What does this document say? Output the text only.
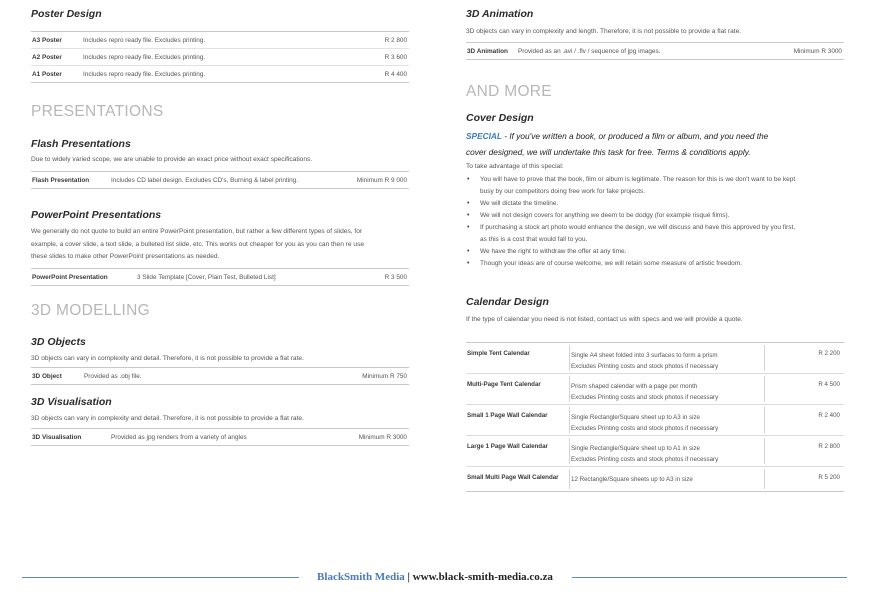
Poster Design
A3 Poster	Includes repro ready file. Excludes printing.	R 2 800
A2 Poster	Includes repro ready file. Excludes printing.	R 3 600
A1 Poster	Includes repro ready file. Excludes printing.	R 4 400
PRESENTATIONS
Flash Presentations
Due to widely varied scope, we are unable to provide an exact price without exact specifications.
Flash Presentation	Includes CD label design. Excludes CD's, Burning & label printing.	Minimum R 9 000
PowerPoint Presentations
We generally do not quote to build an entire PowerPoint presentation, but rather a few different types of slides, for
example, a cover slide, a text slide, a bulleted list slide, etc. This works out cheaper for you as you can then re use
these slides to make other PowerPoint presentations as needed.
PowerPoint Presentation	3 Slide Template [Cover, Plain Test, Bulleted List]	R 3 500
3D MODELLING
3D Objects
3D objects can vary in complexity and detail. Therefore, it is not possible to provide a flat rate.
3D Object	Provided as .obj file.	Minimum R 750
3D Visualisation
3D objects can vary in complexity and detail. Therefore, it is not possible to provide a flat rate.
3D Visualisation	Provided as jpg renders from a variety of angles	Minimum R 3000
3D Animation
3D objects can vary in complexity and length. Therefore, it is not possible to provide a flat rate.
3D Animation Provided as an .avi / .flv / sequence of jpg images.	Minimum R 3000
AND MORE
Cover Design
SPECIAL - If you've written a book, or produced a film or album, and you need the
cover designed, we will undertake this task for free. Terms & conditions apply.
To take advantage of this special:
• You will have to prove that the book, film or album is legitimate. The reason for this is we don't want to be kept
busy by our competitors doing free work for fake projects.
• We will dictate the timeline.
• We will not design covers for anything we deem to be dodgy (for example risqué films).
• If purchasing a stock art photo would enhance the design, we will discuss and have this approved by you first,
as this is a cost that would fall to you.
• We have the right to withdraw the offer at any time.
• Though your ideas are of course welcome, we will retain some measure of artistic freedom.
Calendar Design
If the type of calendar you need is not listed, contact us with specs and we will provide a quote.
Simple Tent Calendar	Single A4 sheet folded into 3 surfaces to form a prism
Excludes Printing costs and stock photos if necessary
R 2 200
Multi-Page Tent Calendar	Prism shaped calendar with a page per month
Excludes Printing costs and stock photos if necessary
R 4 500
Small 1 Page Wall Calendar	Single Rectangle/Square sheet up to A3 in size
Excludes Printing costs and stock photos if necessary
R 2 400
Large 1 Page Wall Calendar	Single Rectangle/Square sheet up to A1 in size
Excludes Printing costs and stock photos if necessary
R 2 800
Small Multi Page Wall Calendar 12 Rectangle/Square sheets up to A3 in size	R 5 200
BlackSmith Media | www.black-smith-media.co.za
